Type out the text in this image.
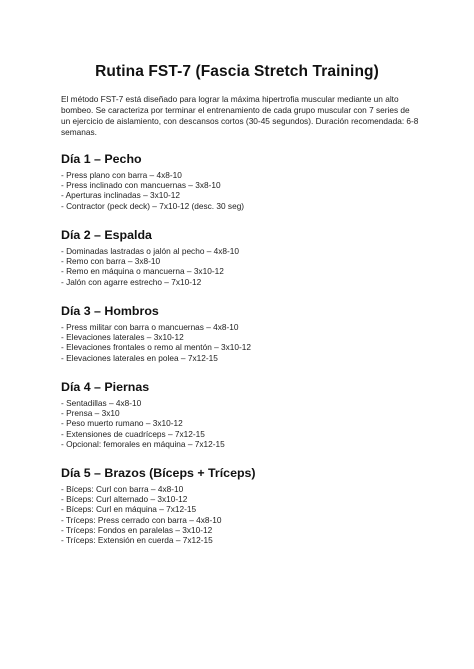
Rutina FST-7 (Fascia Stretch Training)
El método FST-7 está diseñado para lograr la máxima hipertrofia muscular mediante un alto bombeo. Se caracteriza por terminar el entrenamiento de cada grupo muscular con 7 series de un ejercicio de aislamiento, con descansos cortos (30-45 segundos). Duración recomendada: 6-8 semanas.
Día 1 – Pecho
- Press plano con barra – 4x8-10
- Press inclinado con mancuernas – 3x8-10
- Aperturas inclinadas – 3x10-12
- Contractor (peck deck) – 7x10-12 (desc. 30 seg)
Día 2 – Espalda
- Dominadas lastradas o jalón al pecho – 4x8-10
- Remo con barra – 3x8-10
- Remo en máquina o mancuerna – 3x10-12
- Jalón con agarre estrecho – 7x10-12
Día 3 – Hombros
- Press militar con barra o mancuernas – 4x8-10
- Elevaciones laterales – 3x10-12
- Elevaciones frontales o remo al mentón – 3x10-12
- Elevaciones laterales en polea – 7x12-15
Día 4 – Piernas
- Sentadillas – 4x8-10
- Prensa – 3x10
- Peso muerto rumano – 3x10-12
- Extensiones de cuadríceps – 7x12-15
- Opcional: femorales en máquina – 7x12-15
Día 5 – Brazos (Bíceps + Tríceps)
- Bíceps: Curl con barra – 4x8-10
- Bíceps: Curl alternado – 3x10-12
- Bíceps: Curl en máquina – 7x12-15
- Tríceps: Press cerrado con barra – 4x8-10
- Tríceps: Fondos en paralelas – 3x10-12
- Tríceps: Extensión en cuerda – 7x12-15
